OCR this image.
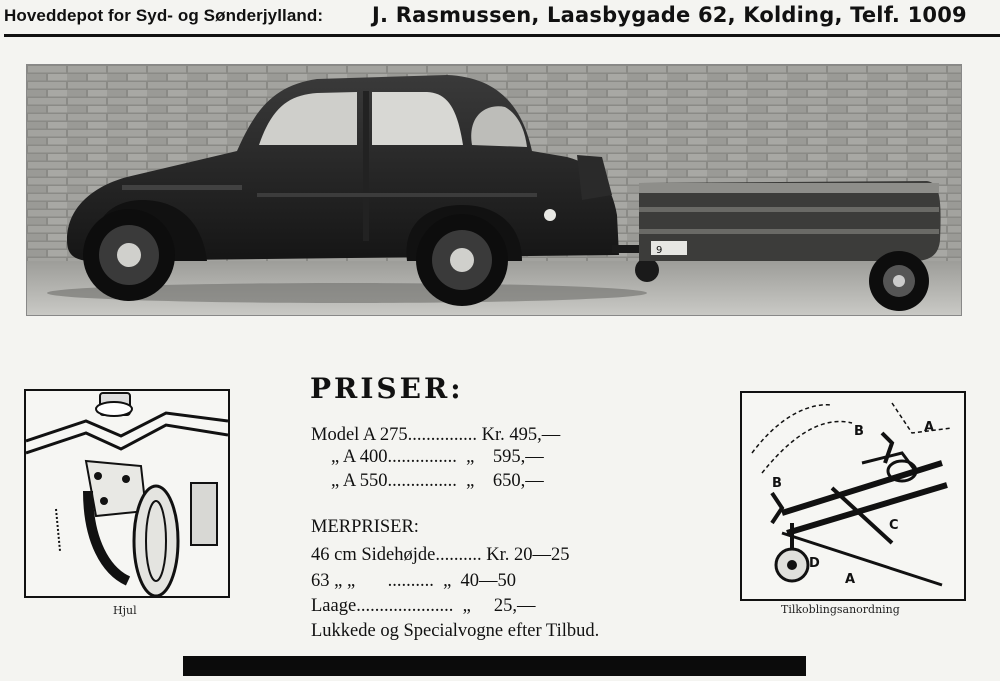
Hoveddepot for Syd- og Sønderjylland: J. Rasmussen, Laasbygade 62, Kolding, Telf. 1009
9
Hjul
PRISER:
Model A 275............... Kr. 495,—
„ A 400............... „ 595,—
„ A 550............... „ 650,—
MERPRISER:
46 cm Sidehøjde.......... Kr. 20—25
63 „ „ .......... „ 40—50
Laage..................... „ 25,—
Lukkede og Specialvogne efter Tilbud.
A
B
B
C
D
A
Tilkoblingsanordning
